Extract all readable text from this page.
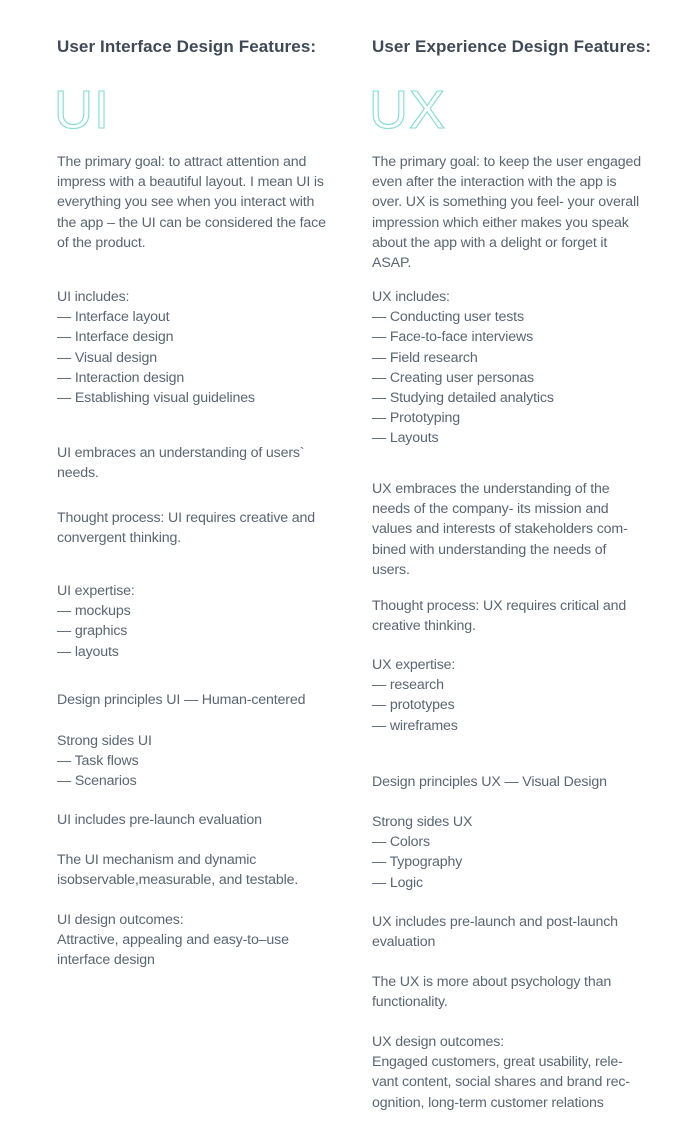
User Interface Design Features:
UI
The primary goal: to attract attention and
impress with a beautiful layout. I mean UI is
everything you see when you interact with
the app – the UI can be considered the face
of the product.
UI includes:
— Interface layout
— Interface design
— Visual design
— Interaction design
— Establishing visual guidelines
UI embraces an understanding of users`
needs.
Thought process: UI requires creative and
convergent thinking.
UI expertise:
— mockups
— graphics
— layouts
Design principles UI — Human-centered
Strong sides UI
— Task flows
— Scenarios
UI includes pre-launch evaluation
The UI mechanism and dynamic
isobservable,measurable, and testable.
UI design outcomes:
Attractive, appealing and easy-to–use
interface design
User Experience Design Features:
UX
The primary goal: to keep the user engaged
even after the interaction with the app is
over. UX is something you feel- your overall
impression which either makes you speak
about the app with a delight or forget it
ASAP.
UX includes:
— Conducting user tests
— Face-to-face interviews
— Field research
— Creating user personas
— Studying detailed analytics
— Prototyping
— Layouts
UX embraces the understanding of the
needs of the company- its mission and
values and interests of stakeholders com-
bined with understanding the needs of
users.
Thought process: UX requires critical and
creative thinking.
UX expertise:
— research
— prototypes
— wireframes
Design principles UX — Visual Design
Strong sides UX
— Colors
— Typography
— Logic
UX includes pre-launch and post-launch
evaluation
The UX is more about psychology than
functionality.
UX design outcomes:
Engaged customers, great usability, rele-
vant content, social shares and brand rec-
ognition, long-term customer relations
